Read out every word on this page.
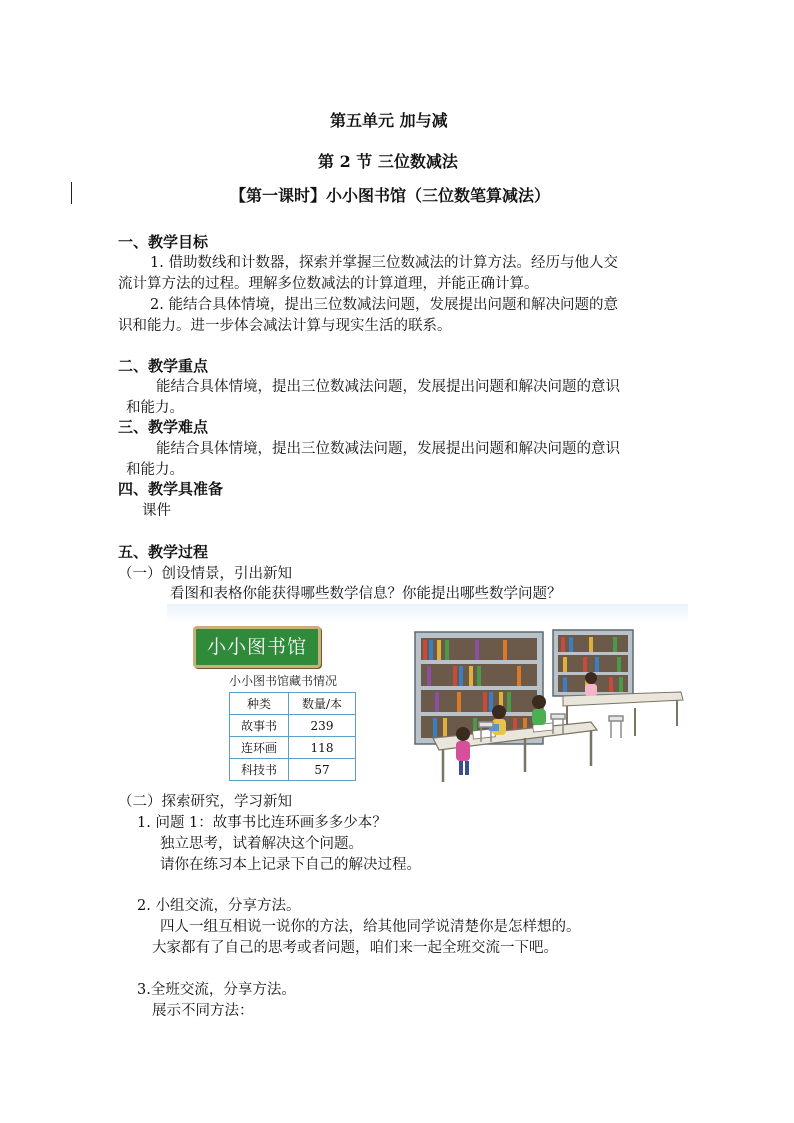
第五单元 加与减
第 2 节 三位数减法
【第一课时】小小图书馆（三位数笔算减法）
一、教学目标
1. 借助数线和计数器，探索并掌握三位数减法的计算方法。经历与他人交
流计算方法的过程。理解多位数减法的计算道理，并能正确计算。
2. 能结合具体情境，提出三位数减法问题，发展提出问题和解决问题的意
识和能力。进一步体会减法计算与现实生活的联系。
二、教学重点
能结合具体情境，提出三位数减法问题，发展提出问题和解决问题的意识
和能力。
三、教学难点
能结合具体情境，提出三位数减法问题，发展提出问题和解决问题的意识
和能力。
四、教学具准备
课件
五、教学过程
（一）创设情景，引出新知
看图和表格你能获得哪些数学信息？你能提出哪些数学问题？
小小图书馆
小小图书馆藏书情况
种类	数量/本
故事书	239
连环画	118
科技书	57
（二）探索研究，学习新知
1. 问题 1：故事书比连环画多多少本？
独立思考，试着解决这个问题。
请你在练习本上记录下自己的解决过程。
2. 小组交流，分享方法。
四人一组互相说一说你的方法，给其他同学说清楚你是怎样想的。
大家都有了自己的思考或者问题，咱们来一起全班交流一下吧。
3.全班交流，分享方法。
展示不同方法：
